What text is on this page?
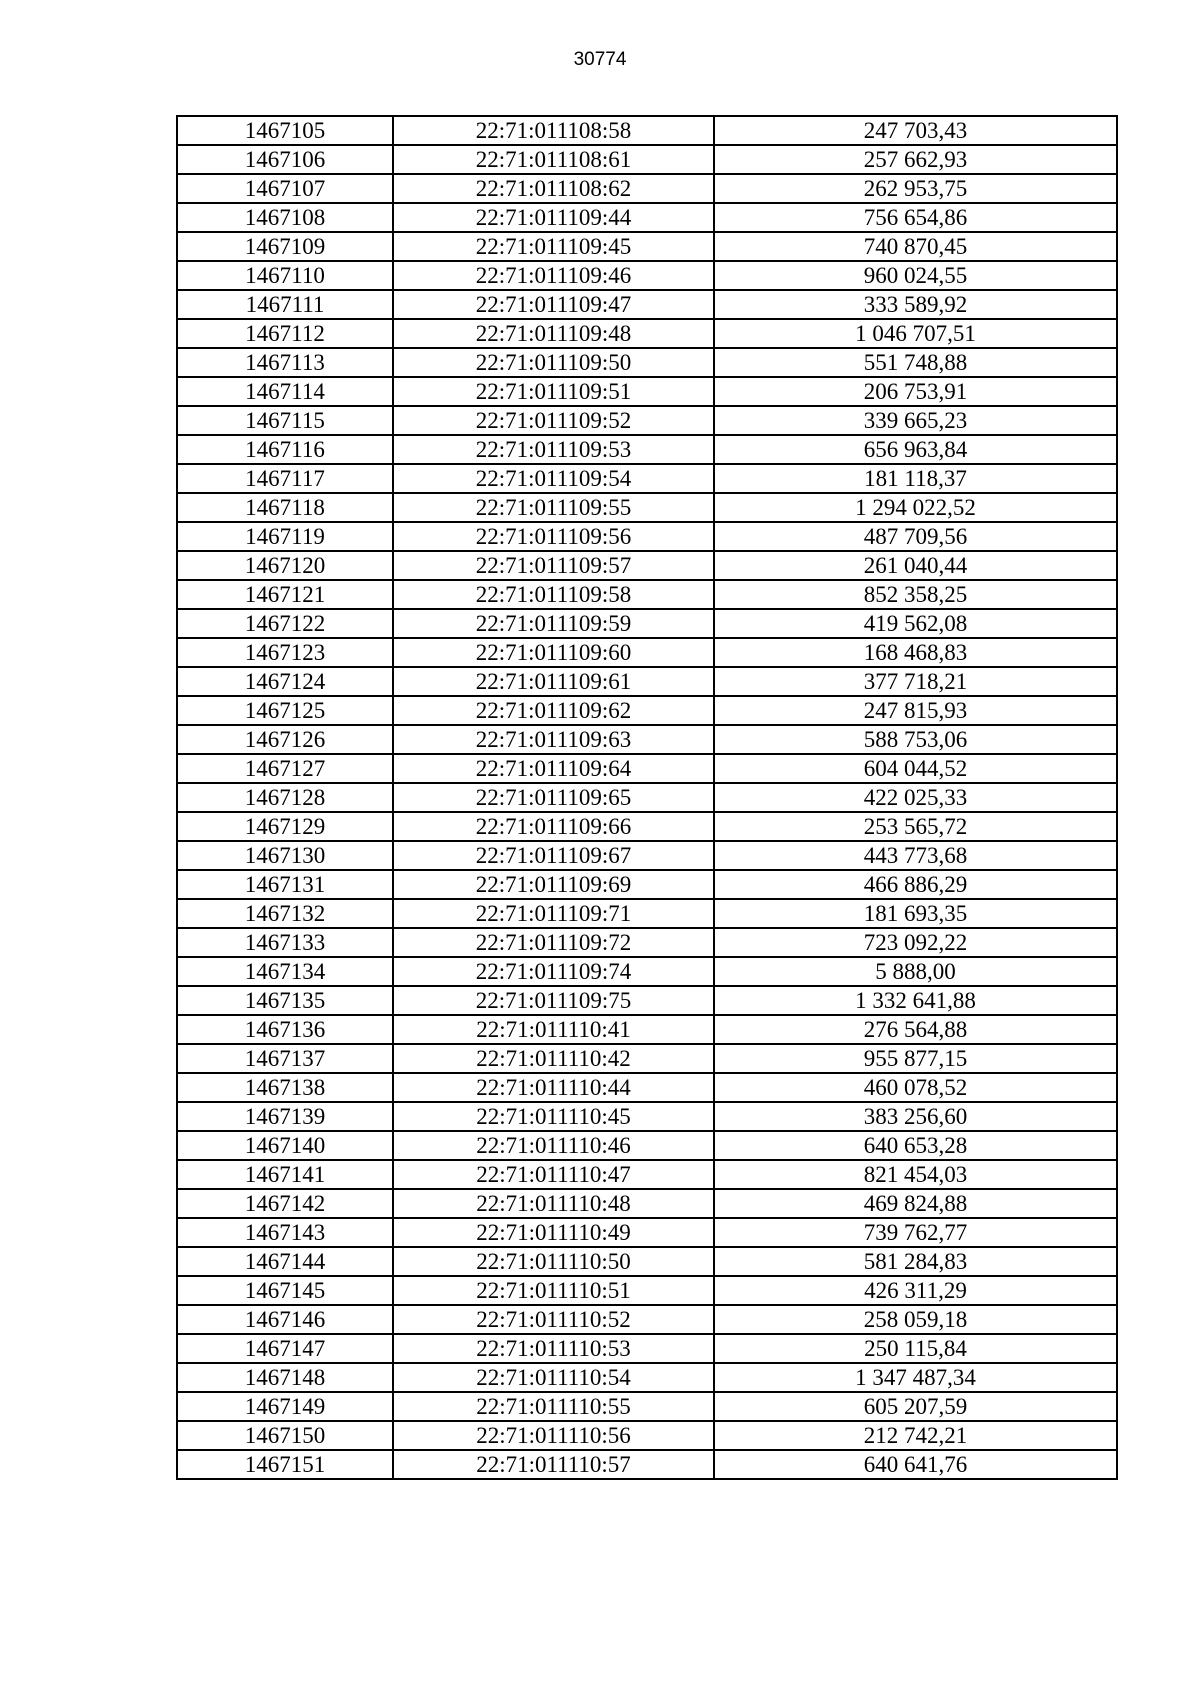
30774
1467105	22:71:011108:58	247 703,43
1467106	22:71:011108:61	257 662,93
1467107	22:71:011108:62	262 953,75
1467108	22:71:011109:44	756 654,86
1467109	22:71:011109:45	740 870,45
1467110	22:71:011109:46	960 024,55
1467111	22:71:011109:47	333 589,92
1467112	22:71:011109:48	1 046 707,51
1467113	22:71:011109:50	551 748,88
1467114	22:71:011109:51	206 753,91
1467115	22:71:011109:52	339 665,23
1467116	22:71:011109:53	656 963,84
1467117	22:71:011109:54	181 118,37
1467118	22:71:011109:55	1 294 022,52
1467119	22:71:011109:56	487 709,56
1467120	22:71:011109:57	261 040,44
1467121	22:71:011109:58	852 358,25
1467122	22:71:011109:59	419 562,08
1467123	22:71:011109:60	168 468,83
1467124	22:71:011109:61	377 718,21
1467125	22:71:011109:62	247 815,93
1467126	22:71:011109:63	588 753,06
1467127	22:71:011109:64	604 044,52
1467128	22:71:011109:65	422 025,33
1467129	22:71:011109:66	253 565,72
1467130	22:71:011109:67	443 773,68
1467131	22:71:011109:69	466 886,29
1467132	22:71:011109:71	181 693,35
1467133	22:71:011109:72	723 092,22
1467134	22:71:011109:74	5 888,00
1467135	22:71:011109:75	1 332 641,88
1467136	22:71:011110:41	276 564,88
1467137	22:71:011110:42	955 877,15
1467138	22:71:011110:44	460 078,52
1467139	22:71:011110:45	383 256,60
1467140	22:71:011110:46	640 653,28
1467141	22:71:011110:47	821 454,03
1467142	22:71:011110:48	469 824,88
1467143	22:71:011110:49	739 762,77
1467144	22:71:011110:50	581 284,83
1467145	22:71:011110:51	426 311,29
1467146	22:71:011110:52	258 059,18
1467147	22:71:011110:53	250 115,84
1467148	22:71:011110:54	1 347 487,34
1467149	22:71:011110:55	605 207,59
1467150	22:71:011110:56	212 742,21
1467151	22:71:011110:57	640 641,76
